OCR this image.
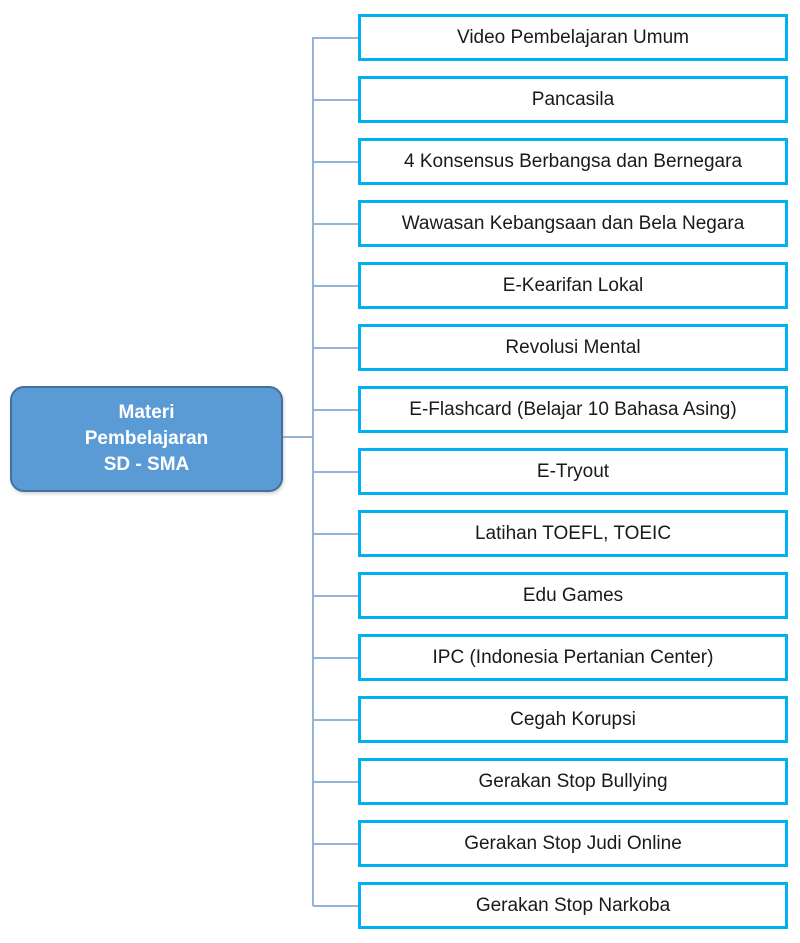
Materi
Pembelajaran
SD - SMA
Video Pembelajaran Umum
Pancasila
4 Konsensus Berbangsa dan Bernegara
Wawasan Kebangsaan dan Bela Negara
E-Kearifan Lokal
Revolusi Mental
E-Flashcard (Belajar 10 Bahasa Asing)
E-Tryout
Latihan TOEFL, TOEIC
Edu Games
IPC (Indonesia Pertanian Center)
Cegah Korupsi
Gerakan Stop Bullying
Gerakan Stop Judi Online
Gerakan Stop Narkoba
